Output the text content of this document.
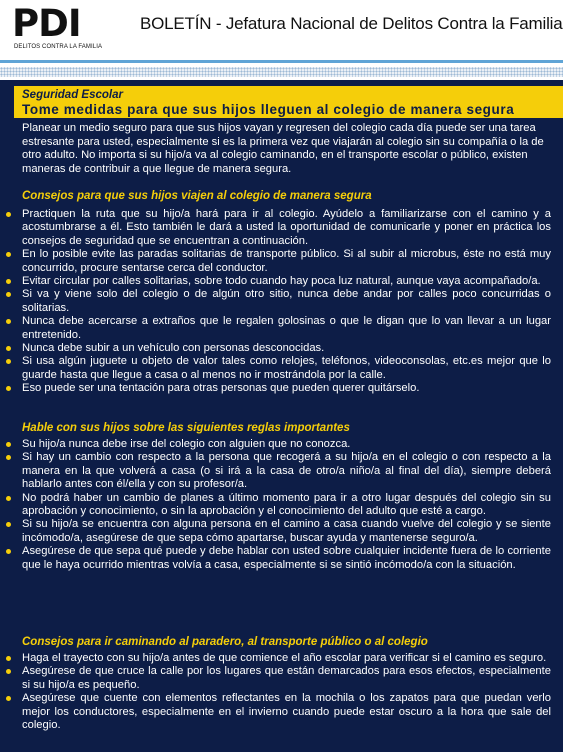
PDI
DELITOS CONTRA LA FAMILIA
BOLETÍN - Jefatura Nacional de Delitos Contra la Familia
Seguridad Escolar
Tome medidas para que sus hijos lleguen al colegio de manera segura
Planear un medio seguro para que sus hijos vayan y regresen del colegio cada día puede ser una tarea estresante para usted, especialmente si es la primera vez que viajarán al colegio sin su compañía o la de otro adulto. No importa si su hijo/a va al colegio caminando, en el transporte escolar o público, existen maneras de contribuir a que llegue de manera segura.
Consejos para que sus hijos viajen al colegio de manera segura
Practiquen la ruta que su hijo/a hará para ir al colegio. Ayúdelo a familiarizarse con el camino y a acostumbrarse a él. Esto también le dará a usted la oportunidad de comunicarle y poner en práctica los consejos de seguridad que se encuentran a continuación.
En lo posible evite las paradas solitarias de transporte público. Si al subir al microbus, éste no está muy concurrido, procure sentarse cerca del conductor.
Evitar circular por calles solitarias, sobre todo cuando hay poca luz natural, aunque vaya acompañado/a.
Si va y viene solo del colegio o de algún otro sitio, nunca debe andar por calles poco concurridas o solitarias.
Nunca debe acercarse a extraños que le regalen golosinas o que le digan que lo van llevar a un lugar entretenido.
Nunca debe subir a un vehículo con personas desconocidas.
Si usa algún juguete u objeto de valor tales como relojes, teléfonos, videoconsolas, etc.es mejor que lo guarde hasta que llegue a casa o al menos no ir mostrándola por la calle.
Eso puede ser una tentación para otras personas que pueden querer quitárselo.
Hable con sus hijos sobre las siguientes reglas importantes
Su hijo/a nunca debe irse del colegio con alguien que no conozca.
Si hay un cambio con respecto a la persona que recogerá a su hijo/a en el colegio o con respecto a la manera en la que volverá a casa (o si irá a la casa de otro/a niño/a al final del día), siempre deberá hablarlo antes con él/ella y con su profesor/a.
No podrá haber un cambio de planes a último momento para ir a otro lugar después del colegio sin su aprobación y conocimiento, o sin la aprobación y el conocimiento del adulto que esté a cargo.
Si su hijo/a se encuentra con alguna persona en el camino a casa cuando vuelve del colegio y se siente incómodo/a, asegúrese de que sepa cómo apartarse, buscar ayuda y mantenerse seguro/a.
Asegúrese de que sepa qué puede y debe hablar con usted sobre cualquier incidente fuera de lo corriente que le haya ocurrido mientras volvía a casa, especialmente si se sintió incómodo/a con la situación.
Consejos para ir caminando al paradero, al transporte público o al colegio
Haga el trayecto con su hijo/a antes de que comience el año escolar para verificar si el camino es seguro.
Asegúrese de que cruce la calle por los lugares que están demarcados para esos efectos, especialmente si su hijo/a es pequeño.
Asegúrese que cuente con elementos reflectantes en la mochila o los zapatos para que puedan verlo mejor los conductores, especialmente en el invierno cuando puede estar oscuro a la hora que sale del colegio.
